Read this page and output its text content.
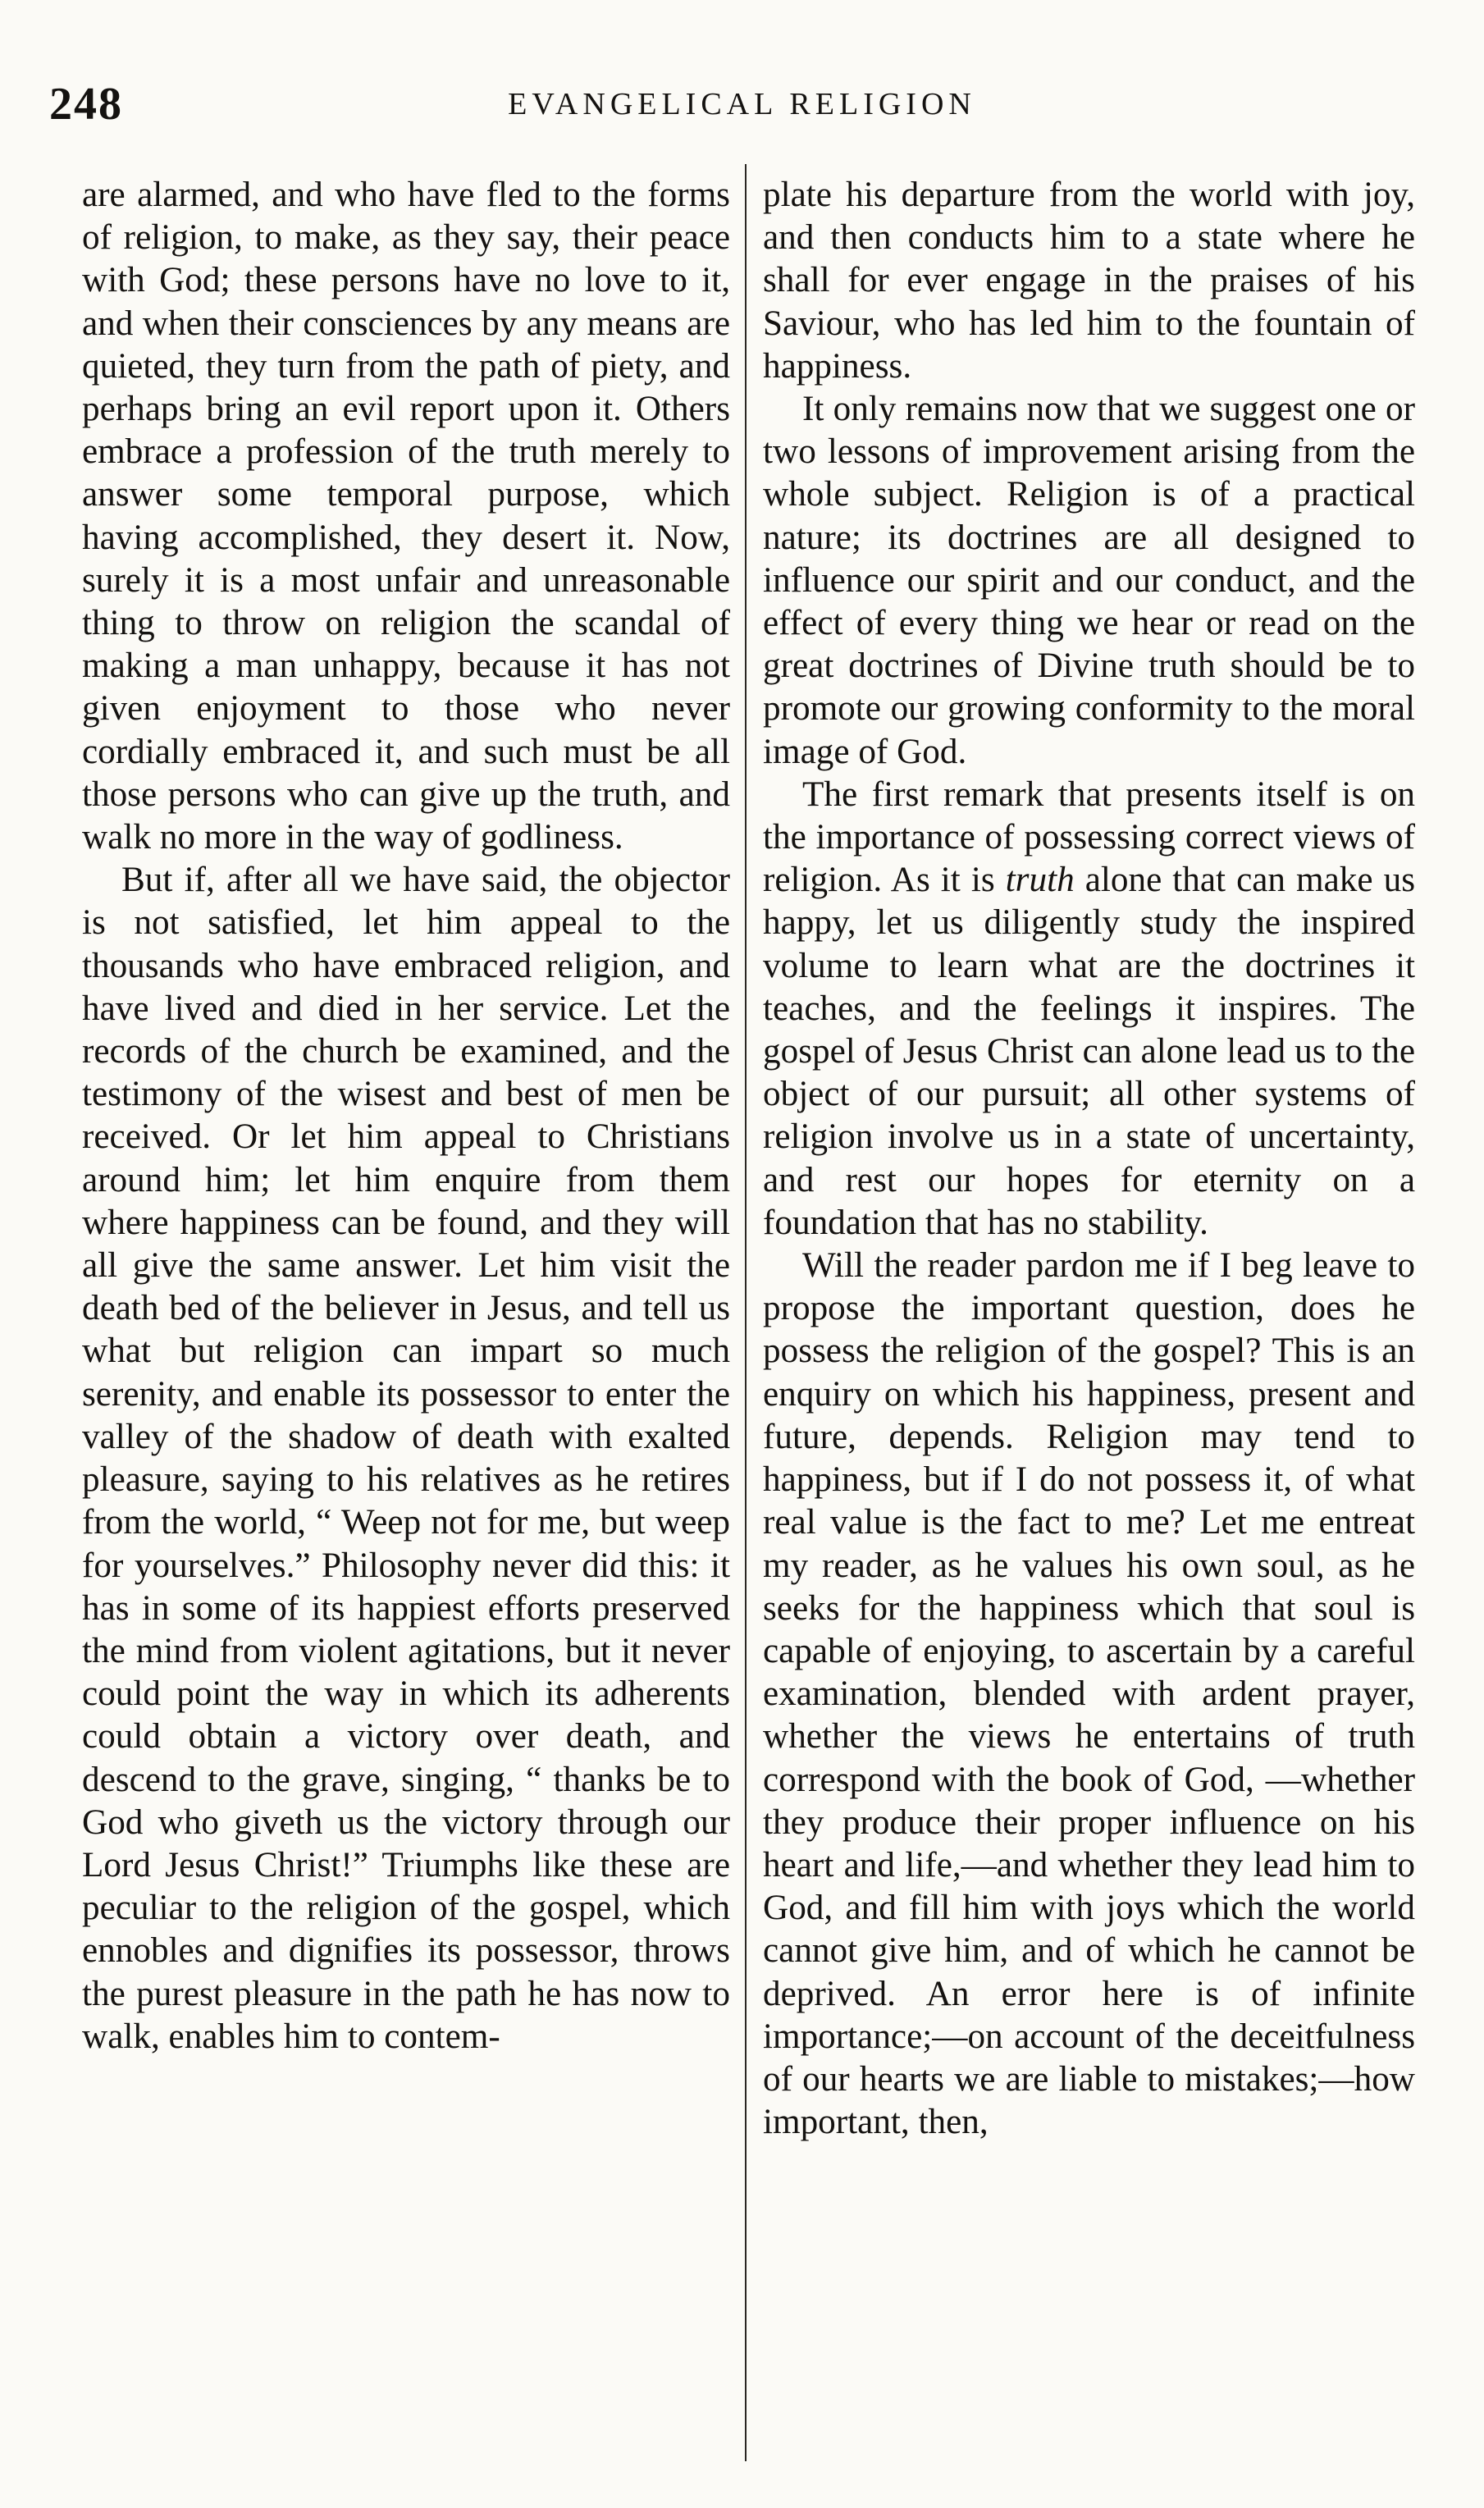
248	EVANGELICAL RELIGION

are alarmed, and who have fled to the forms of religion, to make, as they say, their peace with God; these persons have no love to it, and when their consciences by any means are quieted, they turn from the path of piety, and perhaps bring an evil report upon it. Others embrace a profession of the truth merely to answer some temporal purpose, which having accomplished, they desert it. Now, surely it is a most unfair and unreasonable thing to throw on religion the scandal of making a man unhappy, because it has not given enjoyment to those who never cordially embraced it, and such must be all those persons who can give up the truth, and walk no more in the way of godliness.

But if, after all we have said, the objector is not satisfied, let him appeal to the thousands who have embraced religion, and have lived and died in her service. Let the records of the church be examined, and the testimony of the wisest and best of men be received. Or let him appeal to Christians around him; let him enquire from them where happiness can be found, and they will all give the same answer. Let him visit the death bed of the believer in Jesus, and tell us what but religion can impart so much serenity, and enable its possessor to enter the valley of the shadow of death with exalted pleasure, saying to his relatives as he retires from the world, “ Weep not for me, but weep for yourselves.” Philosophy never did this: it has in some of its happiest efforts preserved the mind from violent agitations, but it never could point the way in which its adherents could obtain a victory over death, and descend to the grave, singing, “ thanks be to God who giveth us the victory through our Lord Jesus Christ!” Triumphs like these are peculiar to the religion of the gospel, which ennobles and dignifies its possessor, throws the purest pleasure in the path he has now to walk, enables him to contem-

plate his departure from the world with joy, and then conducts him to a state where he shall for ever engage in the praises of his Saviour, who has led him to the fountain of happiness.

It only remains now that we suggest one or two lessons of improvement arising from the whole subject. Religion is of a practical nature; its doctrines are all designed to influence our spirit and our conduct, and the effect of every thing we hear or read on the great doctrines of Divine truth should be to promote our growing conformity to the moral image of God.

The first remark that presents itself is on the importance of possessing correct views of religion. As it is truth alone that can make us happy, let us diligently study the inspired volume to learn what are the doctrines it teaches, and the feelings it inspires. The gospel of Jesus Christ can alone lead us to the object of our pursuit; all other systems of religion involve us in a state of uncertainty, and rest our hopes for eternity on a foundation that has no stability.

Will the reader pardon me if I beg leave to propose the important question, does he possess the religion of the gospel? This is an enquiry on which his happiness, present and future, depends. Religion may tend to happiness, but if I do not possess it, of what real value is the fact to me? Let me entreat my reader, as he values his own soul, as he seeks for the happiness which that soul is capable of enjoying, to ascertain by a careful examination, blended with ardent prayer, whether the views he entertains of truth correspond with the book of God, —whether they produce their proper influence on his heart and life,—and whether they lead him to God, and fill him with joys which the world cannot give him, and of which he cannot be deprived. An error here is of infinite importance;—on account of the deceitfulness of our hearts we are liable to mistakes;—how important, then,
